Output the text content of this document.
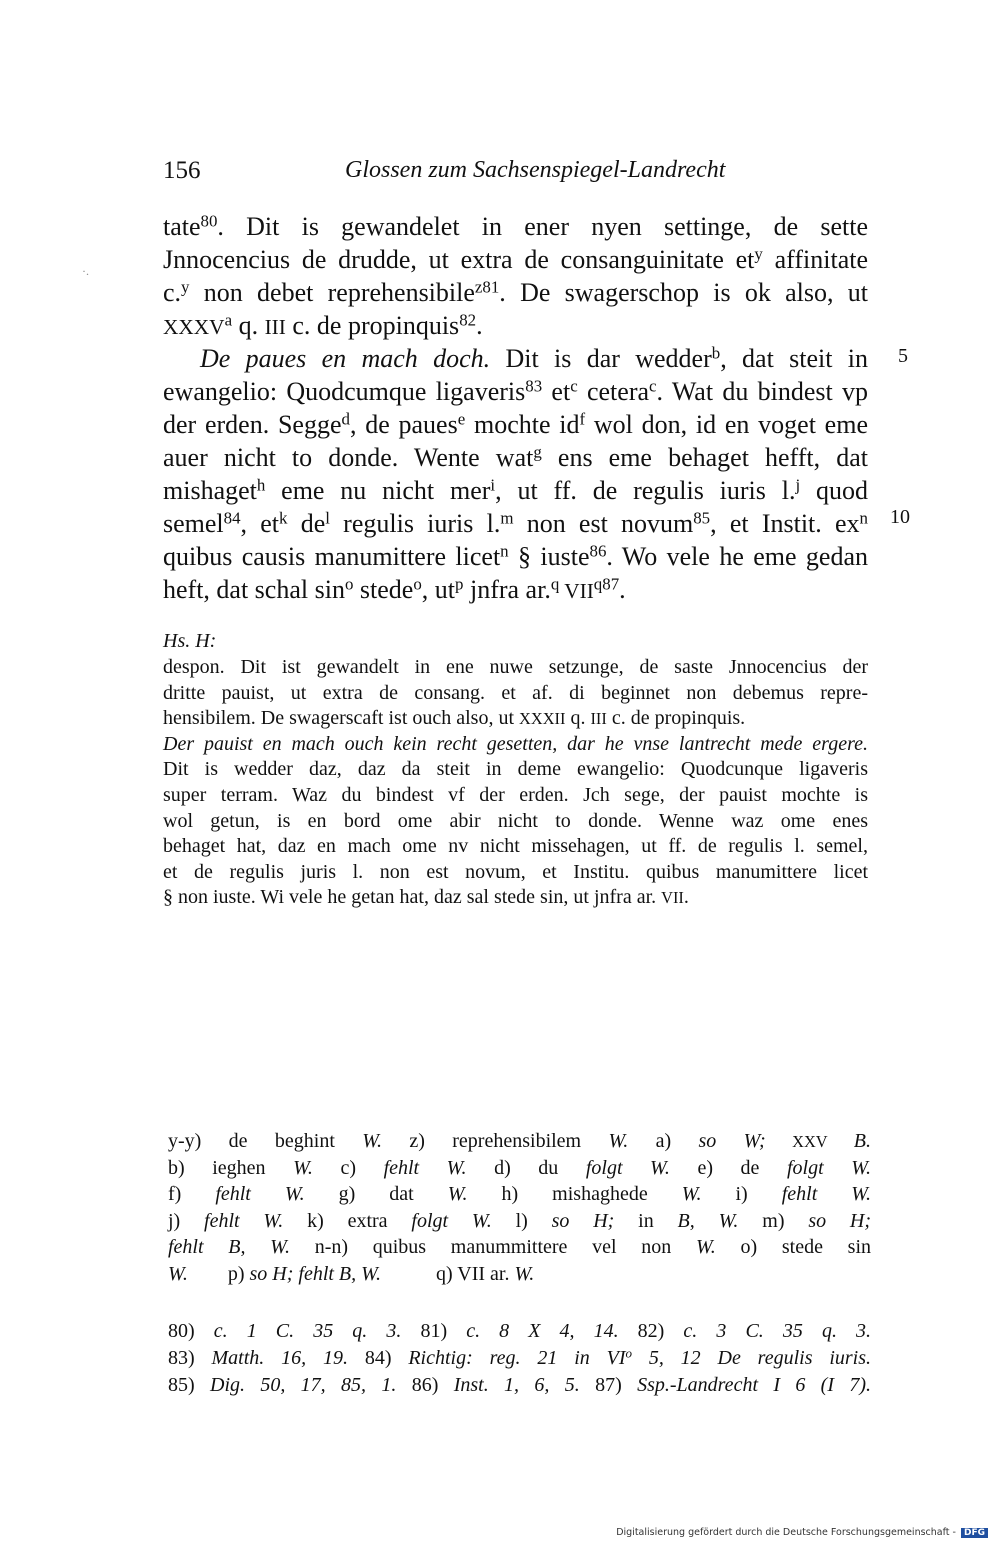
156	Glossen zum Sachsenspiegel-Landrecht
·.
tate$^{80}$. Dit is gewandelet in ener nyen settinge, de sette
Jnnocencius de drudde, ut extra de consanguinitate $et^y$ affinitate
c.$^y$ non debet reprehensibile$^{z81}$. De swagerschop is ok also, ut
XXXV$^a$ q. III c. de propinquis$^{82}$.
De paues en mach doch. Dit is dar wedder$^b$, dat steit in
ewangelio: Quodcumque ligaveris$^{83}$ $et^c$ cetera$^c$. Wat du bindest vp
der erden. Segge$^d$, de paues$^e$ mochte $id^f$ wol don, id en voget eme
auer nicht to donde. Wente wat$^g$ ens eme behaget hefft, dat
mishaget$^h$ eme nu nicht mer$^i$, ut ff. de regulis iuris l.$^j$ quod
semel$^{84}$, $et^k$ $de^l$ regulis iuris l.$^m$ non est novum$^{85}$, et Instit. $ex^n$
quibus causis manumittere licet$^n$ § iuste$^{86}$. Wo vele he eme gedan
heft, dat schal $\sin^o$ stede$^o$, $ut^p$ jnfra ar.$^q$ $VII^{q87}$.
5
10
Hs. H:
despon. Dit ist gewandelt in ene nuwe setzunge, de saste Jnnocencius der
dritte pauist, ut extra de consang. et af. di beginnet non debemus repre-
hensibilem. De swagerscaft ist ouch also, ut XXXII q. III c. de propinquis.
Der pauist en mach ouch kein recht gesetten, dar he vnse lantrecht mede ergere.
Dit is wedder daz, daz da steit in deme ewangelio: Quodcunque ligaveris
super terram. Waz du bindest vf der erden. Jch sege, der pauist mochte is
wol getun, is en bord ome abir nicht to donde. Wenne waz ome enes
behaget hat, daz en mach ome nv nicht missehagen, ut ff. de regulis l. semel,
et de regulis juris l. non est novum, et Institu. quibus manumittere licet
§ non iuste. Wi vele he getan hat, daz sal stede sin, ut jnfra ar. VII.
y-y) de beghint W. z) reprehensibilem W. a) so W; XXV B.
b) ieghen W. c) fehlt W. d) du folgt W. e) de folgt W.
f) fehlt W. g) dat W. h) mishaghede W. i) fehlt W.
j) fehlt W. k) extra folgt W. l) so H; in B, W. m) so H;
fehlt B, W. n-n) quibus manummittere vel non W. o) stede sin
W. p) so H; fehlt B, W.	q) VII ar. W.
80) c. 1 C. 35 q. 3. 81) c. 8 X 4, 14. 82) c. 3 C. 35 q. 3.
83) Matth. 16, 19. 84) Richtig: reg. 21 in $VI^o$ 5, 12 De regulis iuris.
85) Dig. 50, 17, 85, 1. 86) Inst. 1, 6, 5. 87) Ssp.-Landrecht I 6 (I 7).
Digitalisierung gefördert durch die Deutsche Forschungsgemeinschaft - DFG
